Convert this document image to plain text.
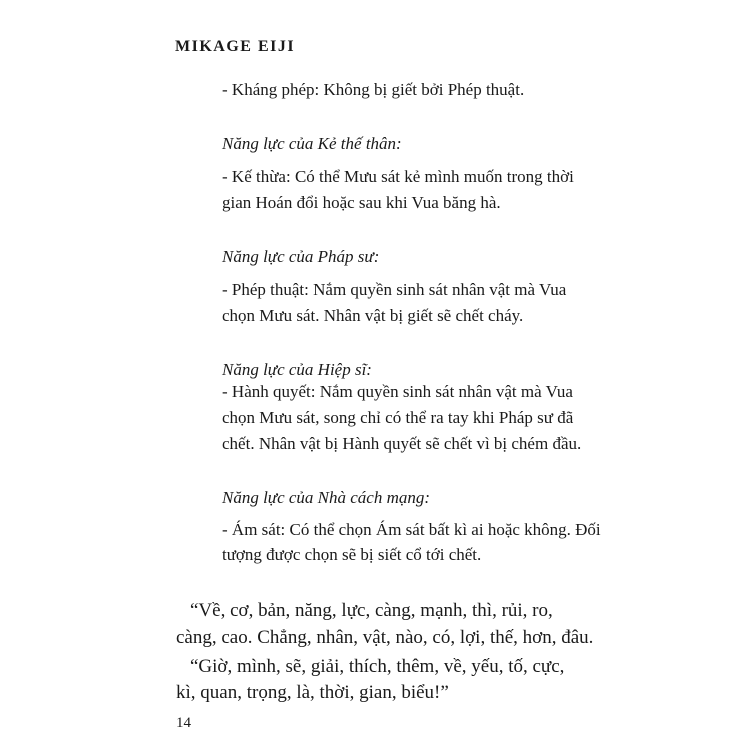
MIKAGE EIJI
- Kháng phép: Không bị giết bởi Phép thuật.
Năng lực của Kẻ thế thân:
- Kế thừa: Có thể Mưu sát kẻ mình muốn trong thời
gian Hoán đổi hoặc sau khi Vua băng hà.
Năng lực của Pháp sư:
- Phép thuật: Nắm quyền sinh sát nhân vật mà Vua
chọn Mưu sát. Nhân vật bị giết sẽ chết cháy.
Năng lực của Hiệp sĩ:
- Hành quyết: Nắm quyền sinh sát nhân vật mà Vua
chọn Mưu sát, song chỉ có thể ra tay khi Pháp sư đã
chết. Nhân vật bị Hành quyết sẽ chết vì bị chém đầu.
Năng lực của Nhà cách mạng:
- Ám sát: Có thể chọn Ám sát bất kì ai hoặc không. Đối
tượng được chọn sẽ bị siết cổ tới chết.
“Về, cơ, bản, năng, lực, càng, mạnh, thì, rủi, ro,
càng, cao. Chẳng, nhân, vật, nào, có, lợi, thế, hơn, đâu.
“Giờ, mình, sẽ, giải, thích, thêm, về, yếu, tố, cực,
kì, quan, trọng, là, thời, gian, biểu!”
14
